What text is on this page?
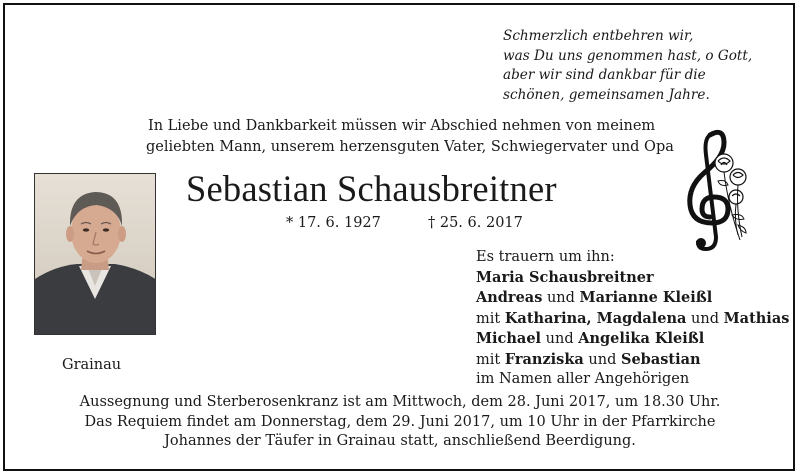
Schmerzlich entbehren wir,
was Du uns genommen hast, o Gott,
aber wir sind dankbar für die
schönen, gemeinsamen Jahre.
In Liebe und Dankbarkeit müssen wir Abschied nehmen von meinem
geliebten Mann, unserem herzensguten Vater, Schwiegervater und Opa
Sebastian Schausbreitner
* 17. 6. 1927	† 25. 6. 2017
Grainau
Es trauern um ihn:
Maria Schausbreitner
Andreas und Marianne Kleißl
mit Katharina, Magdalena und Mathias
Michael und Angelika Kleißl
mit Franziska und Sebastian
im Namen aller Angehörigen
Aussegnung und Sterberosenkranz ist am Mittwoch, dem 28. Juni 2017, um 18.30 Uhr.
Das Requiem findet am Donnerstag, dem 29. Juni 2017, um 10 Uhr in der Pfarrkirche
Johannes der Täufer in Grainau statt, anschließend Beerdigung.
